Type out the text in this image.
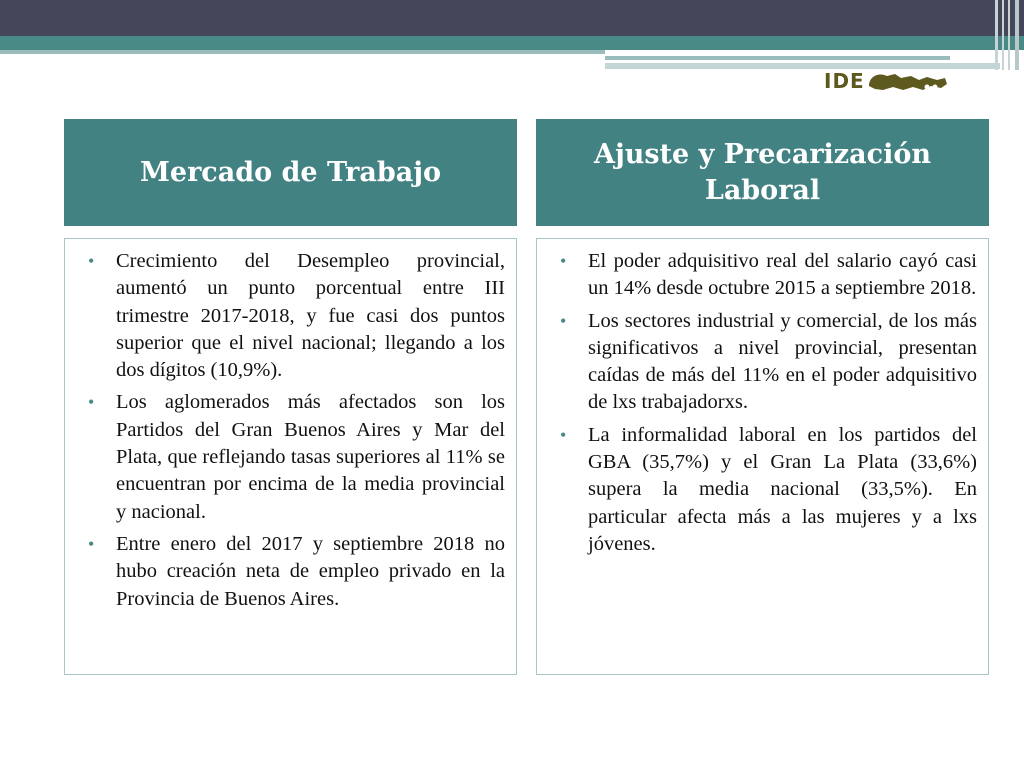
IDE
Mercado de Trabajo
Ajuste y Precarización Laboral
• Crecimiento del Desempleo provincial, aumentó un punto porcentual entre III trimestre 2017-2018, y fue casi dos puntos superior que el nivel nacional; llegando a los dos dígitos (10,9%).
• Los aglomerados más afectados son los Partidos del Gran Buenos Aires y Mar del Plata, que reflejando tasas superiores al 11% se encuentran por encima de la media provincial y nacional.
• Entre enero del 2017 y septiembre 2018 no hubo creación neta de empleo privado en la Provincia de Buenos Aires.
• El poder adquisitivo real del salario cayó casi un 14% desde octubre 2015 a septiembre 2018.
• Los sectores industrial y comercial, de los más significativos a nivel provincial, presentan caídas de más del 11% en el poder adquisitivo de lxs trabajadorxs.
• La informalidad laboral en los partidos del GBA (35,7%) y el Gran La Plata (33,6%) supera la media nacional (33,5%). En particular afecta más a las mujeres y a lxs jóvenes.
